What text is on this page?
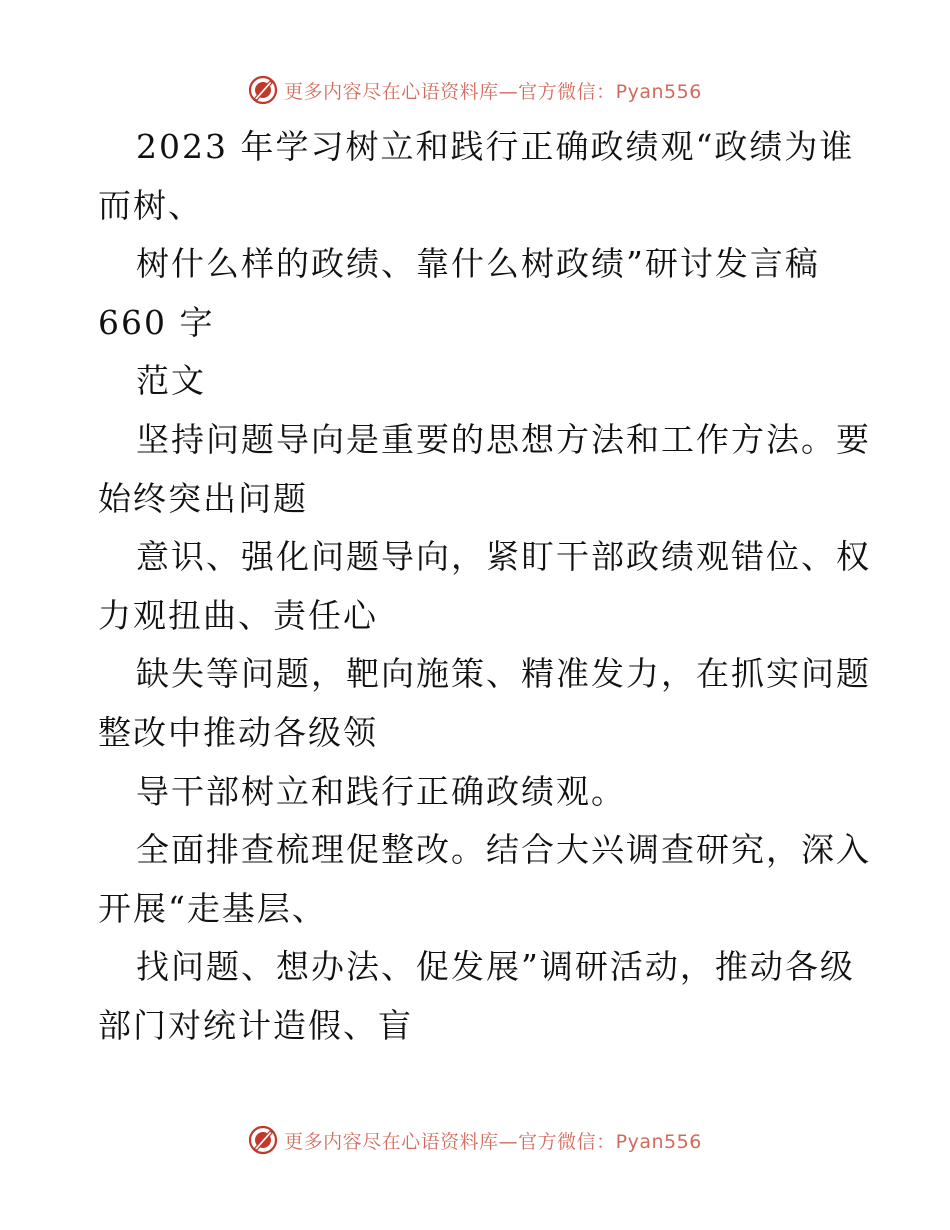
更多内容尽在心语资料库—官方微信：Pyan556
2023 年学习树立和践行正确政绩观“政绩为谁
而树、
树什么样的政绩、靠什么树政绩”研讨发言稿
660 字
范文
坚持问题导向是重要的思想方法和工作方法。要
始终突出问题
意识、强化问题导向，紧盯干部政绩观错位、权
力观扭曲、责任心
缺失等问题，靶向施策、精准发力，在抓实问题
整改中推动各级领
导干部树立和践行正确政绩观。
全面排查梳理促整改。结合大兴调查研究，深入
开展“走基层、
找问题、想办法、促发展”调研活动，推动各级
部门对统计造假、盲
更多内容尽在心语资料库—官方微信：Pyan556
